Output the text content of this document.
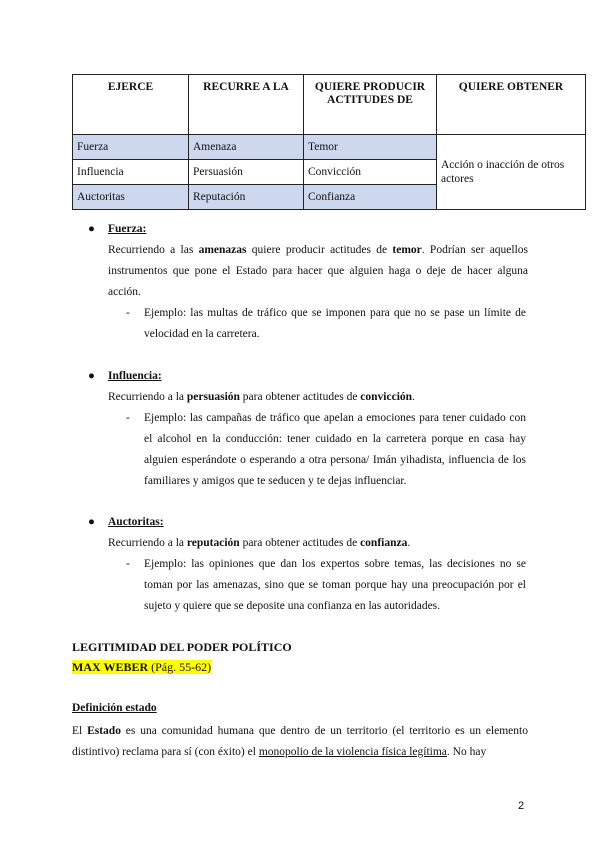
EJERCE	RECURRE A LA	QUIERE PRODUCIR ACTITUDES DE	QUIERE OBTENER
Fuerza	Amenaza	Temor	Acción o inacción de otros actores
Influencia	Persuasión	Convicción	
Auctoritas	Reputación	Confianza	
● Fuerza:
Recurriendo a las amenazas quiere producir actitudes de temor. Podrían ser aquellos instrumentos que pone el Estado para hacer que alguien haga o deje de hacer alguna acción.
- Ejemplo: las multas de tráfico que se imponen para que no se pase un límite de velocidad en la carretera.
● Influencia:
Recurriendo a la persuasión para obtener actitudes de convicción.
- Ejemplo: las campañas de tráfico que apelan a emociones para tener cuidado con el alcohol en la conducción: tener cuidado en la carretera porque en casa hay alguien esperándote o esperando a otra persona/ Imán yihadista, influencia de los familiares y amigos que te seducen y te dejas influenciar.
● Auctoritas:
Recurriendo a la reputación para obtener actitudes de confianza.
- Ejemplo: las opiniones que dan los expertos sobre temas, las decisiones no se toman por las amenazas, sino que se toman porque hay una preocupación por el sujeto y quiere que se deposite una confianza en las autoridades.
LEGITIMIDAD DEL PODER POLÍTICO
MAX WEBER (Pág. 55-62)
Definición estado
El Estado es una comunidad humana que dentro de un territorio (el territorio es un elemento distintivo) reclama para sí (con éxito) el monopolio de la violencia física legítima. No hay
2
